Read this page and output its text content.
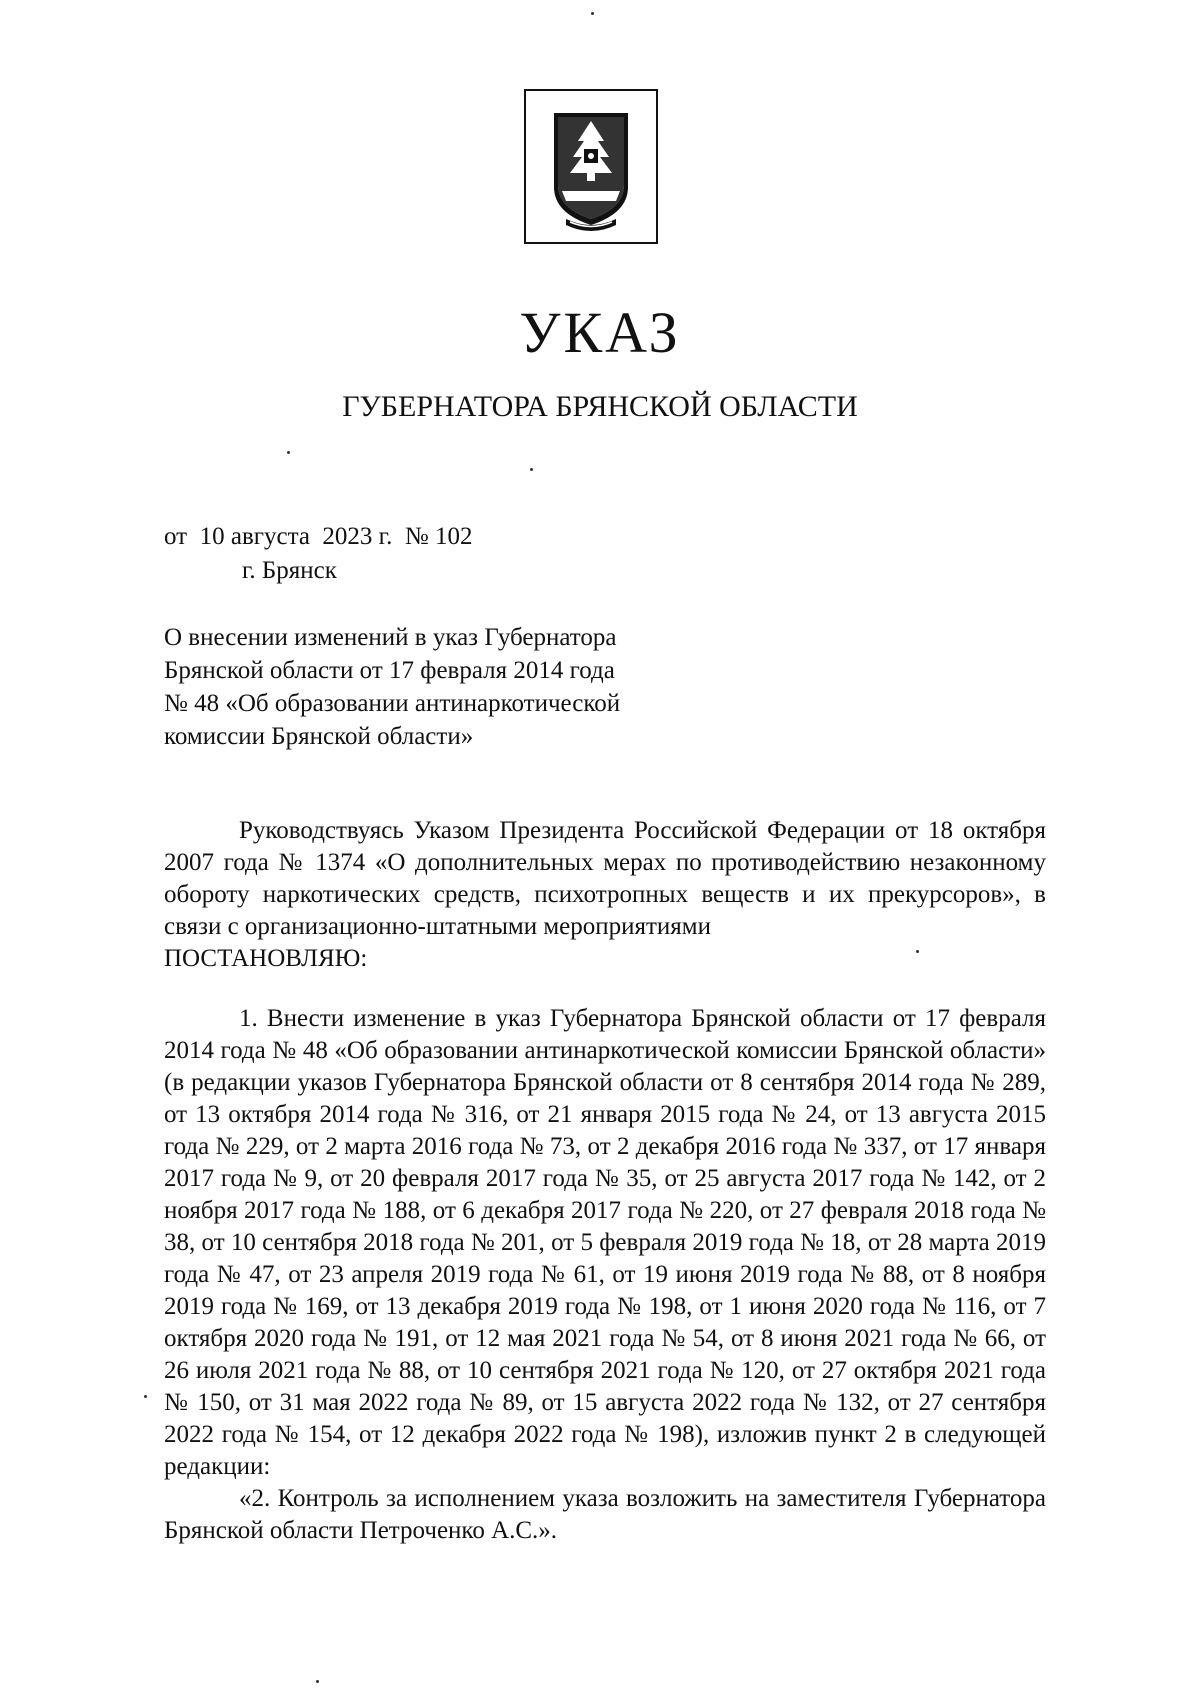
УКАЗ
ГУБЕРНАТОРА БРЯНСКОЙ ОБЛАСТИ
от  10 августа  2023 г.  № 102
г. Брянск
О внесении изменений в указ Губернатора
Брянской области от 17 февраля 2014 года
№ 48 «Об образовании антинаркотической
комиссии Брянской области»

Руководствуясь Указом Президента Российской Федерации от 18 октября 2007 года № 1374 «О дополнительных мерах по противодействию незаконному обороту наркотических средств, психотропных веществ и их прекурсоров», в связи с организационно-штатными мероприятиями

ПОСТАНОВЛЯЮ:

1. Внести изменение в указ Губернатора Брянской области от 17 февраля 2014 года № 48 «Об образовании антинаркотической комиссии Брянской области» (в редакции указов Губернатора Брянской области от 8 сентября 2014 года № 289, от 13 октября 2014 года № 316, от 21 января 2015 года № 24, от 13 августа 2015 года № 229, от 2 марта 2016 года № 73, от 2 декабря 2016 года № 337, от 17 января 2017 года № 9, от 20 февраля 2017 года № 35, от 25 августа 2017 года № 142, от 2 ноября 2017 года № 188, от 6 декабря 2017 года № 220, от 27 февраля 2018 года № 38, от 10 сентября 2018 года № 201, от 5 февраля 2019 года № 18, от 28 марта 2019 года № 47, от 23 апреля 2019 года № 61, от 19 июня 2019 года № 88, от 8 ноября 2019 года № 169, от 13 декабря 2019 года № 198, от 1 июня 2020 года № 116, от 7 октября 2020 года № 191, от 12 мая 2021 года № 54, от 8 июня 2021 года № 66, от 26 июля 2021 года № 88, от 10 сентября 2021 года № 120, от 27 октября 2021 года № 150, от 31 мая 2022 года № 89, от 15 августа 2022 года № 132, от 27 сентября 2022 года № 154, от 12 декабря 2022 года № 198), изложив пункт 2 в следующей редакции:

«2. Контроль за исполнением указа возложить на заместителя Губернатора Брянской области Петроченко А.С.».
